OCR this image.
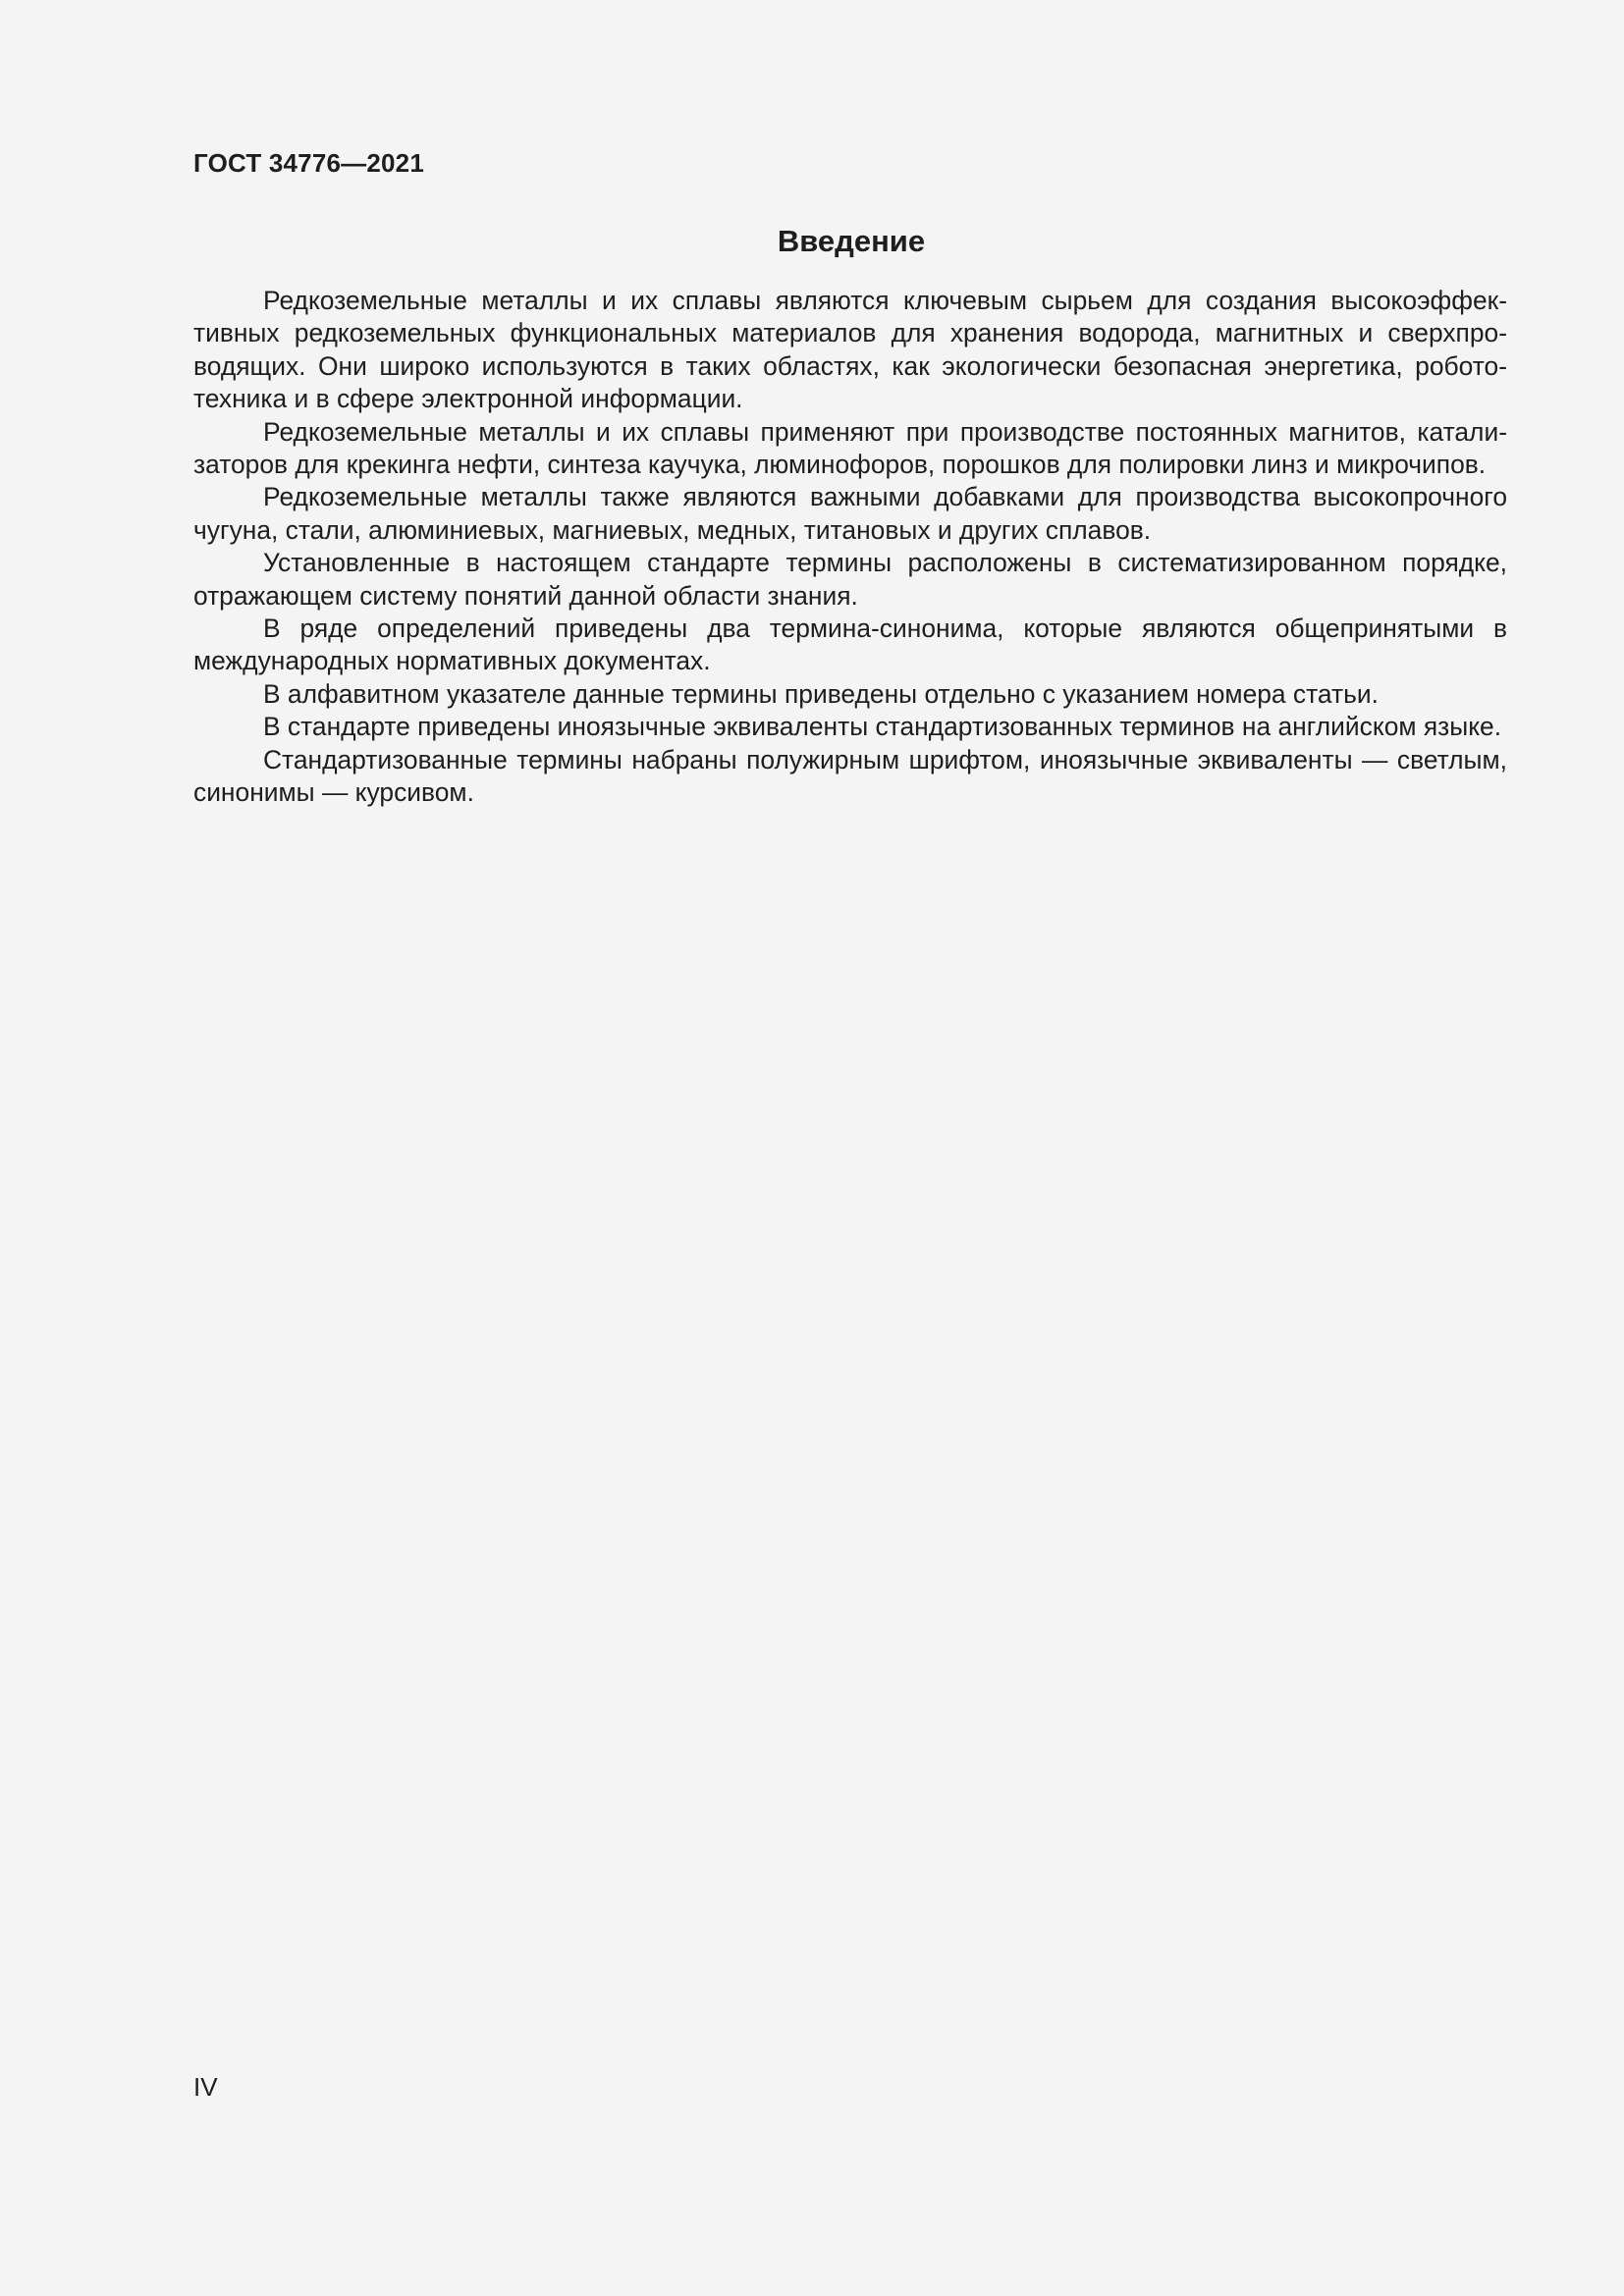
ГОСТ 34776—2021
Введение

Редкоземельные металлы и их сплавы являются ключевым сырьем для создания высокоэффективных редкоземельных функциональных материалов для хранения водорода, магнитных и сверхпроводящих. Они широко используются в таких областях, как экологически безопасная энергетика, робототехника и в сфере электронной информации.

Редкоземельные металлы и их сплавы применяют при производстве постоянных магнитов, катализаторов для крекинга нефти, синтеза каучука, люминофоров, порошков для полировки линз и микрочипов.

Редкоземельные металлы также являются важными добавками для производства высокопрочного чугуна, стали, алюминиевых, магниевых, медных, титановых и других сплавов.

Установленные в настоящем стандарте термины расположены в систематизированном порядке, отражающем систему понятий данной области знания.

В ряде определений приведены два термина-синонима, которые являются общепринятыми в международных нормативных документах.

В алфавитном указателе данные термины приведены отдельно с указанием номера статьи.

В стандарте приведены иноязычные эквиваленты стандартизованных терминов на английском языке.

Стандартизованные термины набраны полужирным шрифтом, иноязычные эквиваленты — светлым, синонимы — курсивом.

IV
